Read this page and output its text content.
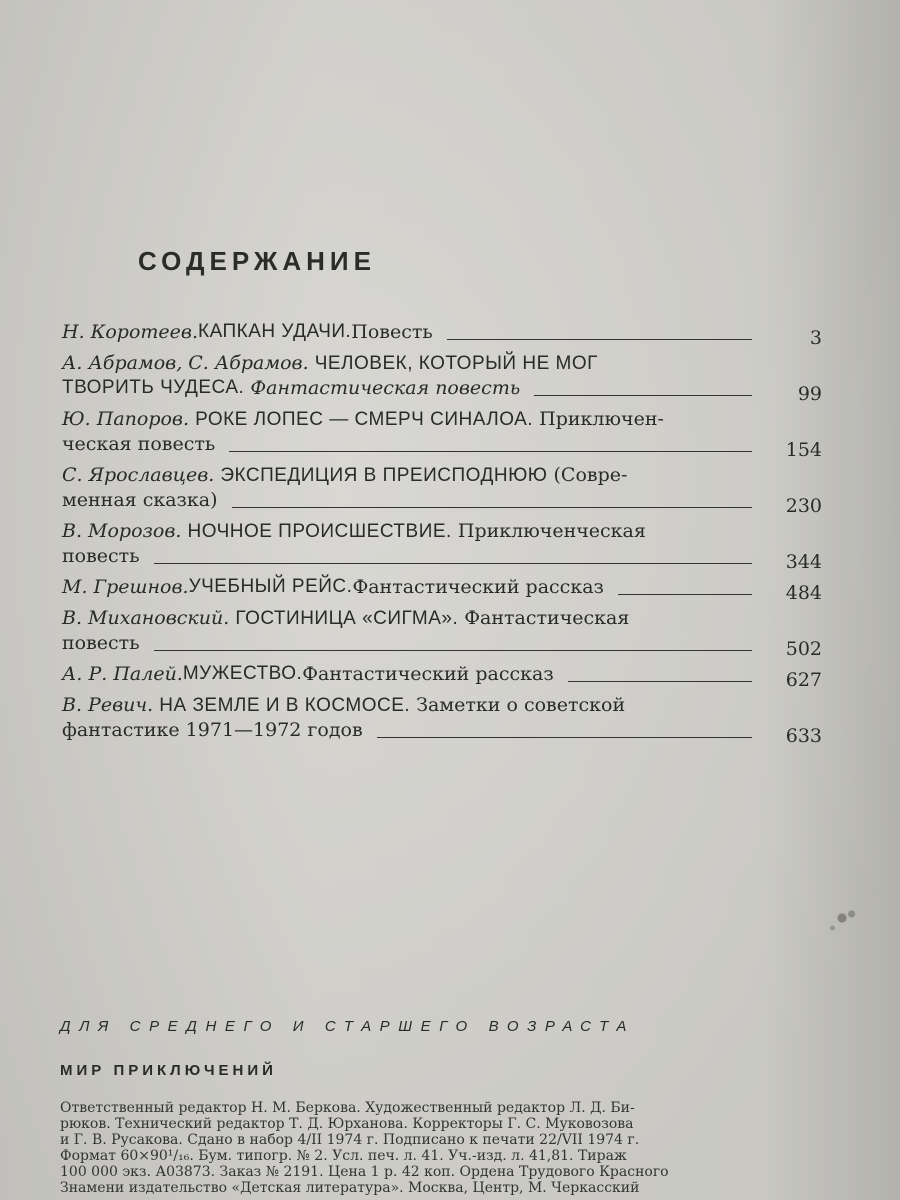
СОДЕРЖАНИЕ
Н. Коротеев. КАПКАН УДАЧИ. Повесть	3
А. Абрамов, С. Абрамов. ЧЕЛОВЕК, КОТОРЫЙ НЕ МОГ
ТВОРИТЬ ЧУДЕСА.
Фантастическая повесть	99
Ю. Папоров. РОКЕ ЛОПЕС — СМЕРЧ СИНАЛОА. Приключен-
ческая повесть	154
С. Ярославцев. ЭКСПЕДИЦИЯ В ПРЕИСПОДНЮЮ (Совре-
менная сказка)	230
В. Морозов. НОЧНОЕ ПРОИСШЕСТВИЕ. Приключенческая
повесть	344
М. Грешнов. УЧЕБНЫЙ РЕЙС. Фантастический рассказ	484
В. Михановский. ГОСТИНИЦА «СИГМА». Фантастическая
повесть	502
А. Р. Палей. МУЖЕСТВО. Фантастический рассказ	627
В. Ревич. НА ЗЕМЛЕ И В КОСМОСЕ. Заметки о советской
фантастике 1971—1972 годов	633
ДЛЯ СРЕДНЕГО И СТАРШЕГО ВОЗРАСТА
МИР ПРИКЛЮЧЕНИЙ
Ответственный редактор Н. М. Беркова. Художественный редактор Л. Д. Би-
рюков. Технический редактор Т. Д. Юрханова. Корректоры Г. С. Муковозова
и Г. В. Русакова. Сдано в набор 4/II 1974 г. Подписано к печати 22/VII 1974 г.
Формат 60×90¹/₁₆. Бум. типогр. № 2. Усл. печ. л. 41. Уч.-изд. л. 41,81. Тираж
100 000 экз. А03873. Заказ № 2191. Цена 1 р. 42 коп. Ордена Трудового Красного
Знамени издательство «Детская литература». Москва, Центр, М. Черкасский
